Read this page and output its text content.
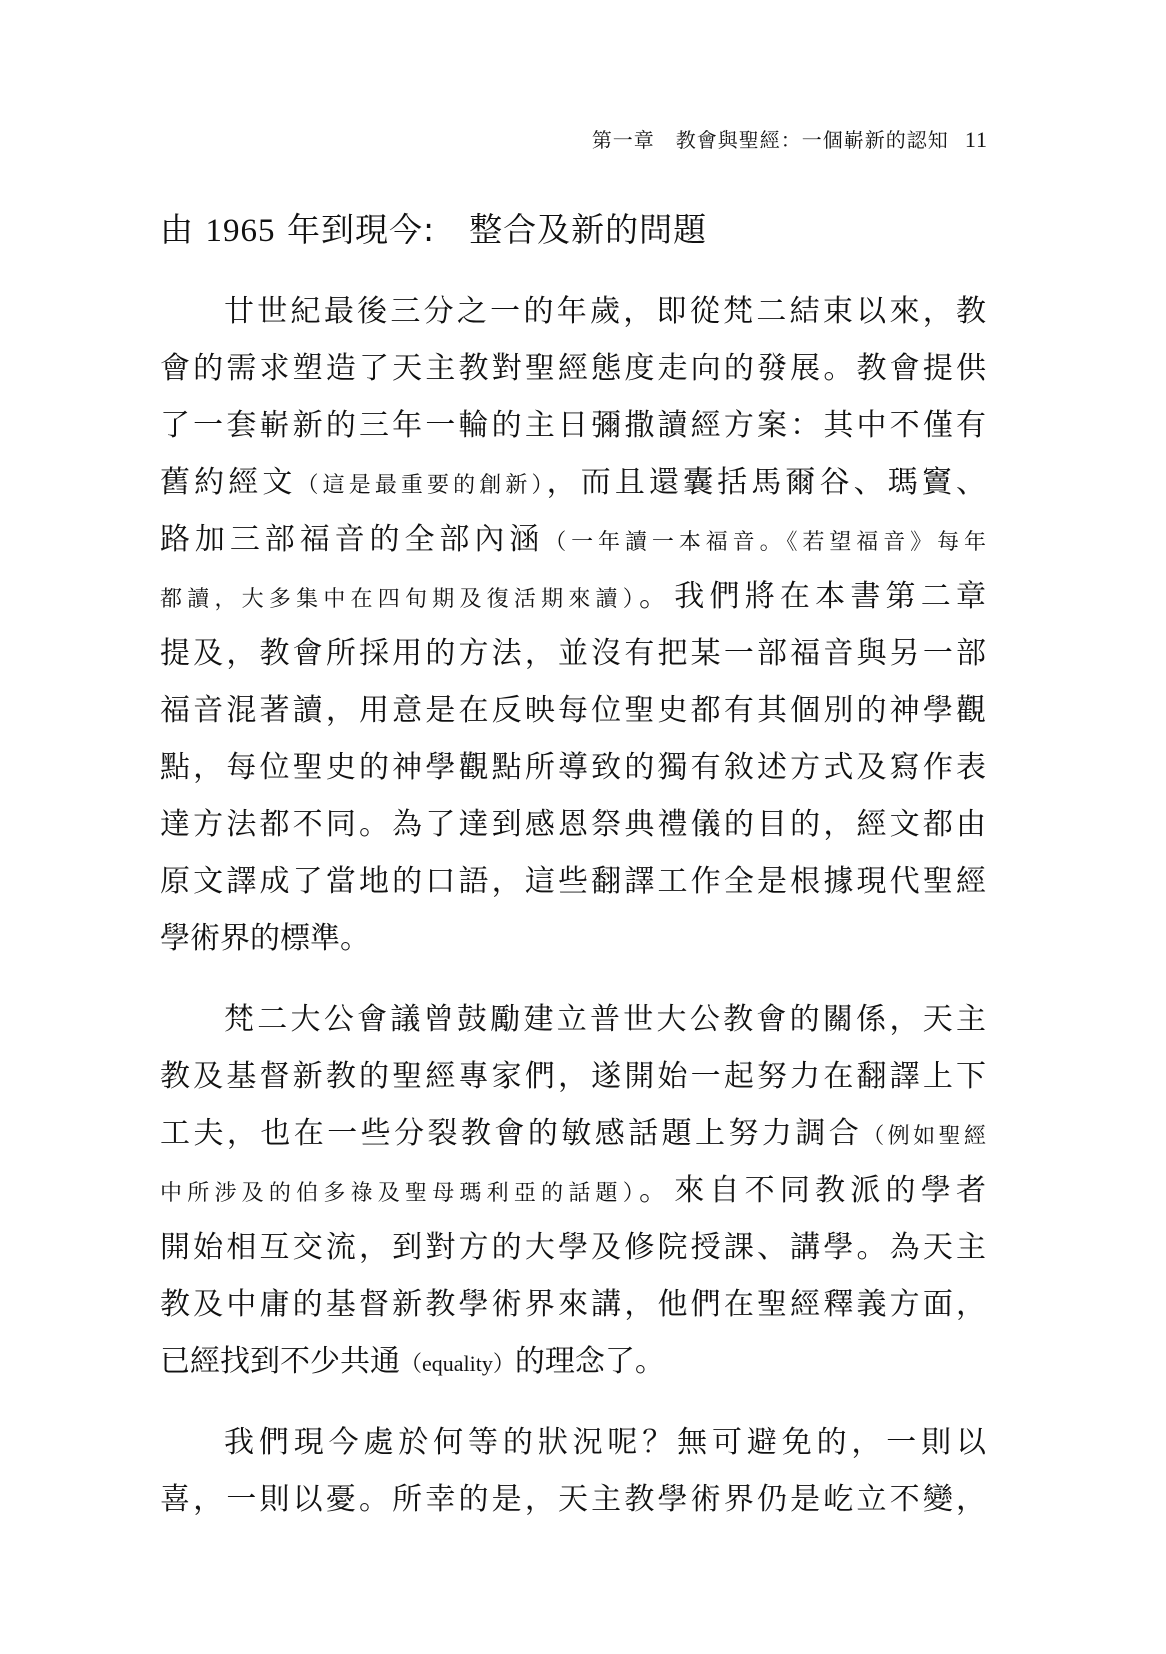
第一章　教會與聖經：一個嶄新的認知 11
由 1965 年到現今:　整合及新的問題
廿世紀最後三分之一的年歲，即從梵二結束以來，教
會的需求塑造了天主教對聖經態度走向的發展。教會提供
了一套嶄新的三年一輪的主日彌撒讀經方案：其中不僅有
舊約經文（這是最重要的創新），而且還囊括馬爾谷、瑪竇、
路加三部福音的全部內涵（一年讀一本福音。《若望福音》每年
都讀，大多集中在四旬期及復活期來讀）。我們將在本書第二章
提及，教會所採用的方法，並沒有把某一部福音與另一部
福音混著讀，用意是在反映每位聖史都有其個別的神學觀
點，每位聖史的神學觀點所導致的獨有敘述方式及寫作表
達方法都不同。為了達到感恩祭典禮儀的目的，經文都由
原文譯成了當地的口語，這些翻譯工作全是根據現代聖經
學術界的標準。
梵二大公會議曾鼓勵建立普世大公教會的關係，天主
教及基督新教的聖經專家們，遂開始一起努力在翻譯上下
工夫，也在一些分裂教會的敏感話題上努力調合（例如聖經
中所涉及的伯多祿及聖母瑪利亞的話題）。來自不同教派的學者
開始相互交流，到對方的大學及修院授課、講學。為天主
教及中庸的基督新教學術界來講，他們在聖經釋義方面，
已經找到不少共通（equality）的理念了。
我們現今處於何等的狀況呢？無可避免的，一則以
喜，一則以憂。所幸的是，天主教學術界仍是屹立不變，
